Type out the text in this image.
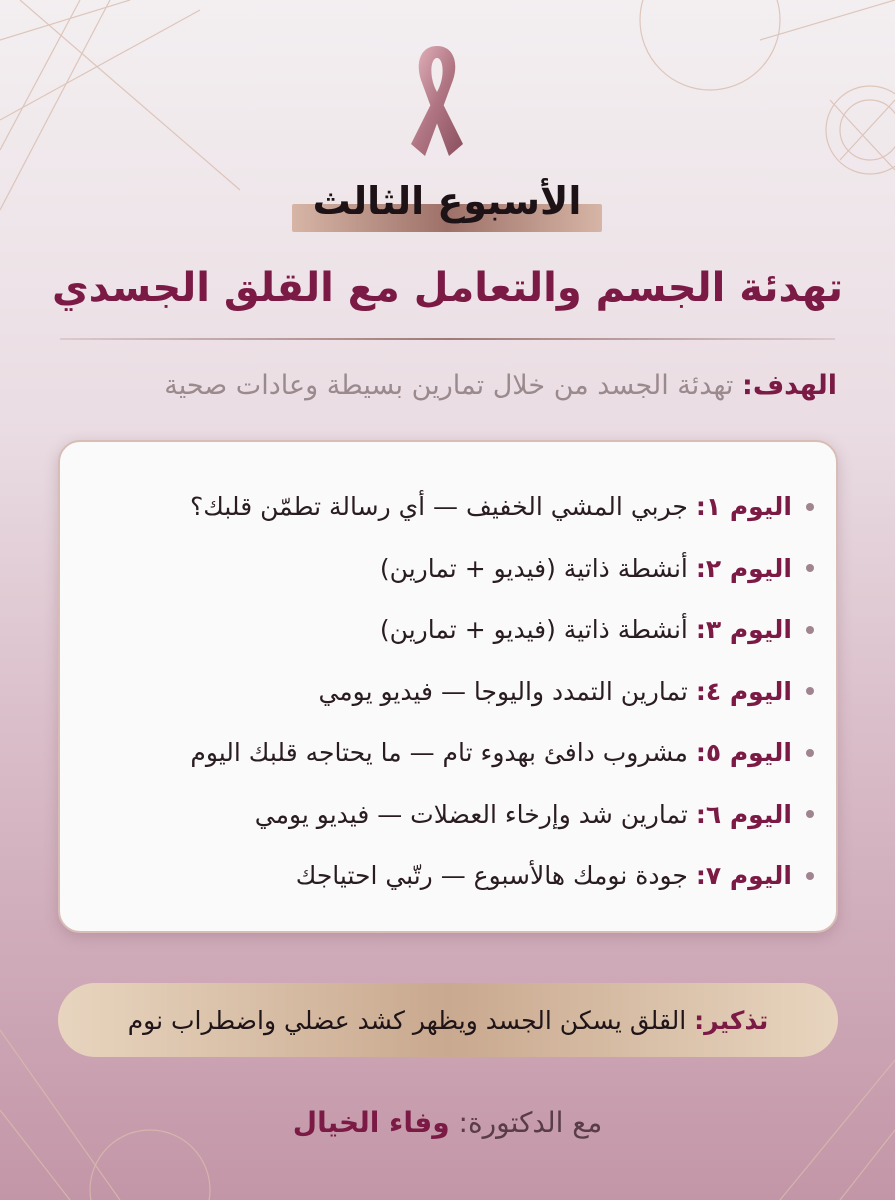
الأسبوع الثالث
تهدئة الجسم والتعامل مع القلق الجسدي
الهدف: تهدئة الجسد من خلال تمارين بسيطة وعادات صحية
اليوم ١:
جربي المشي الخفيف — أي رسالة تطمّن قلبك؟
اليوم ٢:
أنشطة ذاتية (فيديو + تمارين)
اليوم ٣:
أنشطة ذاتية (فيديو + تمارين)
اليوم ٤:
تمارين التمدد واليوجا — فيديو يومي
اليوم ٥:
مشروب دافئ بهدوء تام — ما يحتاجه قلبك اليوم
اليوم ٦:
تمارين شد وإرخاء العضلات — فيديو يومي
اليوم ٧:
جودة نومك هالأسبوع — رتّبي احتياجك
تذكير:
القلق يسكن الجسد ويظهر كشد عضلي واضطراب نوم
مع الدكتورة: وفاء الخيال
